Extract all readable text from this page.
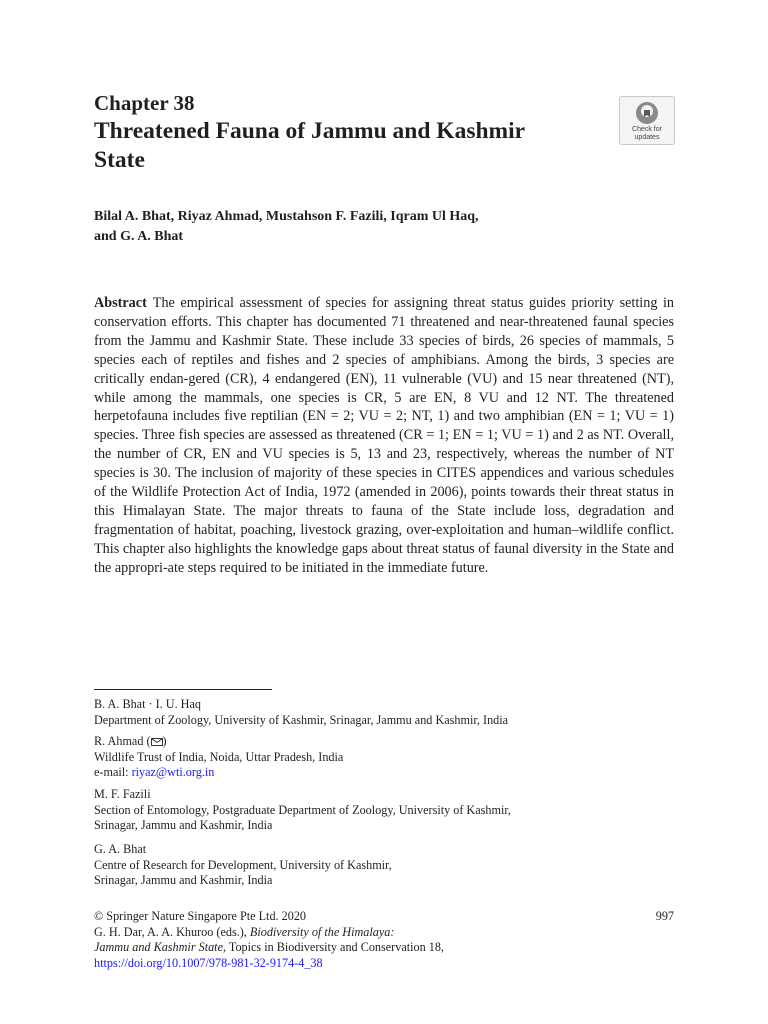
Chapter 38
Threatened Fauna of Jammu and Kashmir
State
Check for
updates
Bilal A. Bhat, Riyaz Ahmad, Mustahson F. Fazili, Iqram Ul Haq,
and G. A. Bhat
Abstract The empirical assessment of species for assigning threat status guides priority setting in conservation efforts. This chapter has documented 71 threatened and near-threatened faunal species from the Jammu and Kashmir State. These include 33 species of birds, 26 species of mammals, 5 species each of reptiles and fishes and 2 species of amphibians. Among the birds, 3 species are critically endan-gered (CR), 4 endangered (EN), 11 vulnerable (VU) and 15 near threatened (NT), while among the mammals, one species is CR, 5 are EN, 8 VU and 12 NT. The threatened herpetofauna includes five reptilian (EN = 2; VU = 2; NT, 1) and two amphibian (EN = 1; VU = 1) species. Three fish species are assessed as threatened (CR = 1; EN = 1; VU = 1) and 2 as NT. Overall, the number of CR, EN and VU species is 5, 13 and 23, respectively, whereas the number of NT species is 30. The inclusion of majority of these species in CITES appendices and various schedules of the Wildlife Protection Act of India, 1972 (amended in 2006), points towards their threat status in this Himalayan State. The major threats to fauna of the State include loss, degradation and fragmentation of habitat, poaching, livestock grazing, over-exploitation and human–wildlife conflict. This chapter also highlights the knowledge gaps about threat status of faunal diversity in the State and the appropri-ate steps required to be initiated in the immediate future.
B. A. Bhat · I. U. Haq
Department of Zoology, University of Kashmir, Srinagar, Jammu and Kashmir, India
R. Ahmad ( )
Wildlife Trust of India, Noida, Uttar Pradesh, India
e-mail: riyaz@wti.org.in
M. F. Fazili
Section of Entomology, Postgraduate Department of Zoology, University of Kashmir,
Srinagar, Jammu and Kashmir, India
G. A. Bhat
Centre of Research for Development, University of Kashmir,
Srinagar, Jammu and Kashmir, India
© Springer Nature Singapore Pte Ltd. 2020	997
G. H. Dar, A. A. Khuroo (eds.), Biodiversity of the Himalaya:
Jammu and Kashmir State, Topics in Biodiversity and Conservation 18,
https://doi.org/10.1007/978-981-32-9174-4_38
